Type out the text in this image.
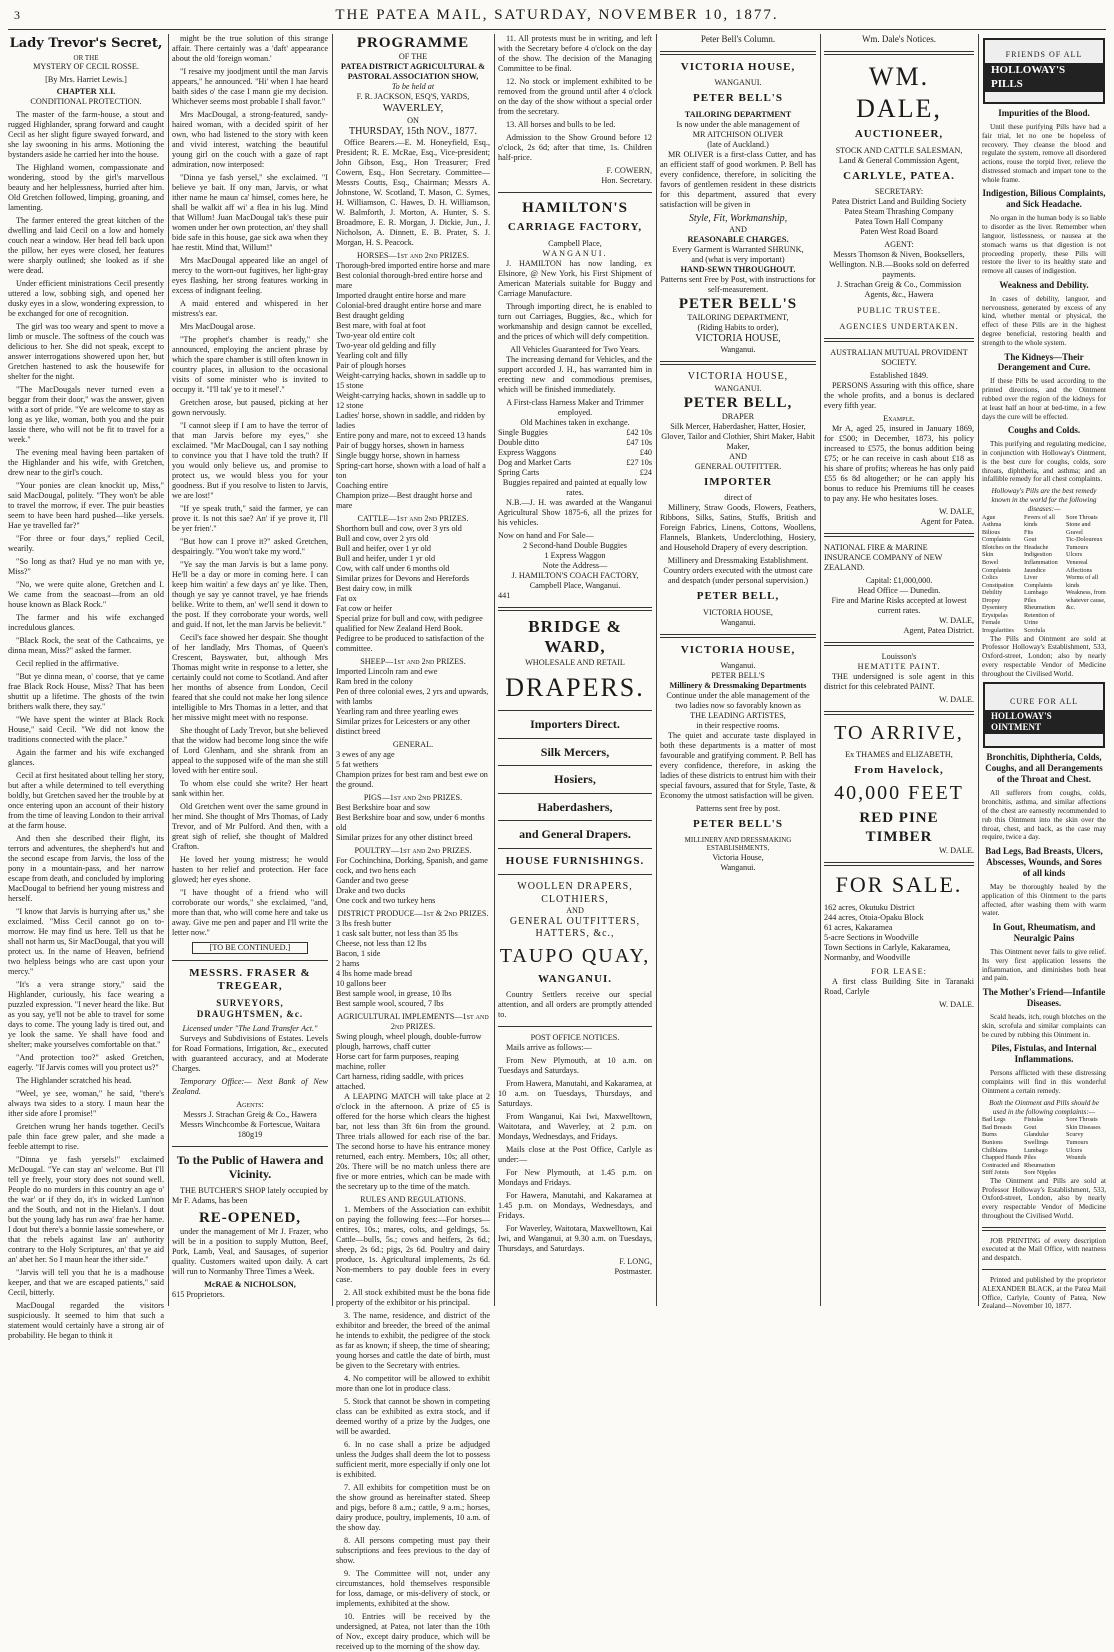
3	THE PATEA MAIL, SATURDAY, NOVEMBER 10, 1877.
Lady Trevor's Secret,
OR THE
MYSTERY OF CECIL ROSSE.
[By Mrs. Harriet Lewis.]
CHAPTER XLI.
CONDITIONAL PROTECTION.

The master of the farm-house, a stout and rugged Highlander, sprang forward and caught Cecil as her slight figure swayed forward, and she lay swooning in his arms. Motioning the bystanders aside he carried her into the house.

The Highland women, compassionate and wondering, stood by the girl's marvellous beauty and her helplessness, hurried after him. Old Gretchen followed, limping, groaning, and lamenting.

The farmer entered the great kitchen of the dwelling and laid Cecil on a low and homely couch near a window. Her head fell back upon the pillow, her eyes were closed, her features were sharply outlined; she looked as if she were dead.

Under efficient ministrations Cecil presently uttered a low, sobbing sigh, and opened her dusky eyes in a slow, wondering expression, to be exchanged for one of recognition.

The girl was too weary and spent to move a limb or muscle. The softness of the couch was delicious to her. She did not speak, except to answer interrogations showered upon her, but Gretchen hastened to ask the housewife for shelter for the night.

"The MacDougals never turned even a beggar from their door," was the answer, given with a sort of pride. "Ye are welcome to stay as long as ye like, woman, both you and the puir lassie there, who will not be fit to travel for a week."

The evening meal having been partaken of the Highlander and his wife, with Gretchen, drew near to the girl's couch.

"Your ponies are clean knockit up, Miss," said MacDougal, politely. "They won't be able to travel the morrow, if ever. The puir beasties seem to have been hard pushed—like yersels. Hae ye travelled far?"

"For three or four days," replied Cecil, wearily.

"So long as that? Hud ye no man with ye, Miss?"

"No, we were quite alone, Gretchen and I. We came from the seacoast—from an old house known as Black Rock."

The farmer and his wife exchanged incredulous glances.

"Black Rock, the seat of the Cathcairns, ye dinna mean, Miss?" asked the farmer.

Cecil replied in the affirmative.

"But ye dinna mean, o' coorse, that ye came frae Black Rock House, Miss? That has been shuttit up a lifetime. The ghosts of the twin brithers walk there, they say."

"We have spent the winter at Black Rock House," said Cecil. "We did not know the traditions connected with the place."

Again the farmer and his wife exchanged glances.

Cecil at first hesitated about telling her story, but after a while determined to tell everything boldly, but Gretchen saved her the trouble by at once entering upon an account of their history from the time of leaving London to their arrival at the farm house.

And then she described their flight, its terrors and adventures, the shepherd's hut and the second escape from Jarvis, the loss of the pony in a mountain-pass, and her narrow escape from death, and concluded by imploring MacDougal to befriend her young mistress and herself.

"I know that Jarvis is hurrying after us," she exclaimed. "Miss Cecil cannot go on to-morrow. He may find us here. Tell us that he shall not harm us, Sir MacDougal, that you will protect us. In the name of Heaven, befriend two helpless beings who are cast upon your mercy."

"It's a vera strange story," said the Highlander, curiously, his face wearing a puzzled expression. "I never heard the like. But as you say, ye'll not be able to travel for some days to come. The young lady is tired out, and ye look the same. Ye shall have food and shelter; make yourselves comfortable on that."

"And protection too?" asked Gretchen, eagerly. "If Jarvis comes will you protect us?"

The Highlander scratched his head.

"Weel, ye see, woman," he said, "there's always twa sides to a story. I maun hear the ither side afore I promise!"

Gretchen wrung her hands together. Cecil's pale thin face grew paler, and she made a feeble attempt to rise.

"Dinna ye fash yersels!" exclaimed McDougal. "Ye can stay an' welcome. But I'll tell ye freely, your story does not sound well. People do no murders in this country an age o' the war' or if they do, it's in wicked Lun'non and the South, and not in the Hielan's. I dout but the young lady has run awa' frae her hame. I dout but there's a bonnie lassie somewhere, or that the rebels against law an' authority contrary to the Holy Scriptures, an' that ye aid an' abet her. So I maun hear the ither side."

"Jarvis will tell you that he is a madhouse keeper, and that we are escaped patients," said Cecil, bitterly.

MacDougal regarded the visitors suspiciously. It seemed to him that such a statement would certainly have a strong air of probability. He began to think it

might be the true solution of this strange affair. There certainly was a 'daft' appearance about the old 'foreign woman.'

"I resaive my joodjment until the man Jarvis appears," he announced. "Hi' when I hae heard baith sides o' the case I mann gie my decision. Whichever seems most probable I shall favor."

Mrs MacDougal, a strong-featured, sandy-haired woman, with a decided spirit of her own, who had listened to the story with keen and vivid interest, watching the beautiful young girl on the couch with a gaze of rapt admiration, now interposed:

"Dinna ye fash yersel," she exclaimed. "I believe ye bait. If ony man, Jarvis, or what ither name he maun ca' himsel, comes here, he shall be walkit aff wi' a flea in his lug. Mind that Willum! Juan MacDougal tak's these puir women under her own protection, an' they shall bide safe in this house, gae sick awa when they hae restit. Mind that, Willum!"

Mrs MacDougal appeared like an angel of mercy to the worn-out fugitives, her light-gray eyes flashing, her strong features working in excess of indignant feeling.

A maid entered and whispered in her mistress's ear.

Mrs MacDougal arose.

"The prophet's chamber is ready," she announced, employing the ancient phrase by which the spare chamber is still often known in country places, in allusion to the occasional visits of some minister who is invited to occupy it. "I'll tak' ye to it mesel'."

Gretchen arose, but paused, picking at her gown nervously.

"I cannot sleep if I am to have the terror of that man Jarvis before my eyes," she exclaimed. "Mr MacDougal, can I say nothing to convince you that I have told the truth? If you would only believe us, and promise to protect us, we would bless you for your goodness. But if you resolve to listen to Jarvis, we are lost!"

"If ye speak truth," said the farmer, ye can prove it. Is not this sae? An' if ye prove it, I'll be yer frien'."

"But how can I prove it?" asked Gretchen, despairingly. "You won't take my word."

"Ye say the man Jarvis is but a lame pony. He'll be a day or more in coming here. I can keep him waitin' a few days an' ye like. Then, though ye say ye cannot travel, ye hae friends belike. Write to them, an' we'll send it down to the post. If they corroborate your words, well and guid. If not, let the man Jarvis be believit."

Cecil's face showed her despair. She thought of her landlady, Mrs Thomas, of Queen's Crescent, Bayswater, but, although Mrs Thomas might write in response to a letter, she certainly could not come to Scotland. And after her months of absence from London, Cecil feared that she could not make her long silence intelligible to Mrs Thomas in a letter, and that her missive might meet with no response.

She thought of Lady Trevor, but she believed that the widow had become long since the wife of Lord Glenham, and she shrank from an appeal to the supposed wife of the man she still loved with her entire soul.

To whom else could she write? Her heart sank within her.

Old Gretchen went over the same ground in her mind. She thought of Mrs Thomas, of Lady Trevor, and of Mr Pulford. And then, with a great sigh of relief, she thought of Maldred Crafton.

He loved her young mistress; he would hasten to her relief and protection. Her face glowed; her eyes shone.

"I have thought of a friend who will corroborate our words," she exclaimed, "and, more than that, who will come here and take us away. Give me pen and paper and I'll write the letter now."

[TO BE CONTINUED.]
MESSRS. FRASER & TREGEAR,
SURVEYORS, DRAUGHTSMEN, &c.
Licensed under "The Land Transfer Act."

Surveys and Subdivisions of Estates. Levels for Road Formations, Irrigation, &c., executed with guaranteed accuracy, and at Moderate Charges.

Temporary Office:— Next Bank of New Zealand.

Agents:
Messrs J. Strachan Greig & Co., Hawera Messrs Winchcombe & Fortescue, Waitara 180g19
To the Public of Hawera and Vicinity.

THE BUTCHER'S SHOP lately occupied by Mr F. Adams, has been

RE-OPENED,

under the management of Mr J. Frazer, who will be in a position to supply Mutton, Beef, Pork, Lamb, Veal, and Sausages, of superior quality. Customers waited upon daily. A cart will run to Normanby Three Times a Week.

McRAE & NICHOLSON,
615 Proprietors.
PROGRAMME
OF THE
PATEA DISTRICT AGRICULTURAL & PASTORAL ASSOCIATION SHOW,
To be held at
F. R. JACKSON, ESQ'S, YARDS,
WAVERLEY,
ON
THURSDAY, 15th NOV., 1877.

Office Bearers.—E. M. Honeyfield, Esq., President; R. E. McRae, Esq., Vice-president; John Gibson, Esq., Hon Treasurer; Fred Cowern, Esq., Hon Secretary. Committee—Messrs Coutts, Esq., Chairman; Messrs A. Johnstone, W. Scotland, T. Mason, C. Symes, H. Williamson, C. Hawes, D. H. Williamson, W. Balmforth, J. Morton, A. Hunter, S. S. Broadmore, E. R. Morgan, J. Dickie, Jun., J. Nicholson, A. Dinnett, E. B. Prater, S. J. Morgan, H. S. Peacock.

HORSES—1st and 2nd PRIZES.
Thorough-bred imported entire horse and mare
Best colonial thorough-bred entire horse and mare
Imported draught entire horse and mare
Colonial-bred draught entire horse and mare
Best draught gelding
Best mare, with foal at foot
Two-year old entire colt
Two-year old gelding and filly
Yearling colt and filly
Pair of plough horses
Weight-carrying hacks, shown in saddle up to 15 stone
Weight-carrying hacks, shown in saddle up to 12 stone
Ladies' horse, shown in saddle, and ridden by ladies
Entire pony and mare, not to exceed 13 hands
Pair of buggy horses, shown in harness
Single buggy horse, shown in harness
Spring-cart horse, shown with a load of half a ton
Coaching entire
Champion prize—Best draught horse and mare
CATTLE—1st and 2nd PRIZES.
Shorthorn bull and cow, over 3 yrs old
Bull and cow, over 2 yrs old
Bull and heifer, over 1 yr old
Bull and heifer, under 1 yr old
Cow, with calf under 6 months old
Similar prizes for Devons and Herefords
Best dairy cow, in milk
Fat ox
Fat cow or heifer
Special prize for bull and cow, with pedigree qualified for New Zealand Herd Book. Pedigree to be produced to satisfaction of the committee.
SHEEP—1st and 2nd PRIZES.
Imported Lincoln ram and ewe
Ram bred in the colony
Pen of three colonial ewes, 2 yrs and upwards, with lambs
Yearling ram and three yearling ewes
Similar prizes for Leicesters or any other distinct breed
GENERAL.
3 ewes of any age
5 fat wethers
Champion prizes for best ram and best ewe on the ground.
PIGS—1st and 2nd PRIZES.
Best Berkshire boar and sow
Best Berkshire boar and sow, under 6 months old
Similar prizes for any other distinct breed
POULTRY—1st and 2nd PRIZES.
For Cochinchina, Dorking, Spanish, and game cock, and two hens each
Gander and two geese
Drake and two ducks
One cock and two turkey hens
DISTRICT PRODUCE—1st & 2nd PRIZES.
3 lbs fresh butter
1 cask salt butter, not less than 35 lbs
Cheese, not less than 12 lbs
Bacon, 1 side
2 hams
4 lbs home made bread
10 gallons beer
Best sample wool, in grease, 10 lbs
Best sample wool, scoured, 7 lbs
AGRICULTURAL IMPLEMENTS—1st and 2nd PRIZES.
Swing plough, wheel plough, double-furrow plough, harrows, chaff cutter
Horse cart for farm purposes, reaping machine, roller
Cart harness, riding saddle, with prices attached.

A LEAPING MATCH will take place at 2 o'clock in the afternoon. A prize of £5 is offered for the horse which clears the highest bar, not less than 3ft 6in from the ground. Three trials allowed for each rise of the bar. The second horse to have his entrance money returned, each entry. Members, 10s; all other, 20s. There will be no match unless there are five or more entries, which can be made with the secretary up to the time of the match.

RULES AND REGULATIONS.

1. Members of the Association can exhibit on paying the following fees:—For horses—entires, 10s.; mares, colts, and geldings, 5s. Cattle—bulls, 5s.; cows and heifers, 2s 6d.; sheep, 2s 6d.; pigs, 2s 6d. Poultry and dairy produce, 1s. Agricultural implements, 2s 6d. Non-members to pay double fees in every case.

2. All stock exhibited must be the bona fide property of the exhibitor or his principal.

3. The name, residence, and district of the exhibitor and breeder, the breed of the animal he intends to exhibit, the pedigree of the stock as far as known; if sheep, the time of shearing; young horses and cattle the date of birth, must be given to the Secretary with entries.

4. No competitor will be allowed to exhibit more than one lot in produce class.

5. Stock that cannot be shown in competing class can be exhibited as extra stock, and if deemed worthy of a prize by the Judges, one will be awarded.

6. In no case shall a prize be adjudged unless the Judges shall deem the lot to possess sufficient merit, more especially if only one lot is exhibited.

7. All exhibits for competition must be on the show ground as hereinafter stated. Sheep and pigs, before 8 a.m.; cattle, 9 a.m.; horses, dairy produce, poultry, implements, 10 a.m. of the show day.

8. All persons competing must pay their subscriptions and fees previous to the day of show.

9. The Committee will not, under any circumstances, hold themselves responsible for loss, damage, or mis-delivery of stock, or implements, exhibited at the show.

10. Entries will be received by the undersigned, at Patea, not later than the 10th of Nov., except dairy produce, which will be received up to the morning of the show day.

11. All protests must be in writing, and left with the Secretary before 4 o'clock on the day of the show. The decision of the Managing Committee to be final.

12. No stock or implement exhibited to be removed from the ground until after 4 o'clock on the day of the show without a special order from the secretary.

13. All horses and bulls to be led.

Admission to the Show Ground before 12 o'clock, 2s 6d; after that time, 1s. Children half-price.

F. COWERN,
Hon. Secretary.
HAMILTON'S
CARRIAGE FACTORY,
Campbell Place,
WANGANUI.

J. HAMILTON has now landing, ex Elsinore, @ New York, his First Shipment of American Materials suitable for Buggy and Carriage Manufacture.

Through importing direct, he is enabled to turn out Carriages, Buggies, &c., which for workmanship and design cannot be excelled, and the prices of which will defy competition.

All Vehicles Guaranteed for Two Years.

The increasing demand for Vehicles, and the support accorded J. H., has warranted him in erecting new and commodious premises, which will be finished immediately.

A First-class Harness Maker and Trimmer employed.
Old Machines taken in exchange.
Single Buggies	£42 10s
Double ditto	£47 10s
Express Waggons	£40
Dog and Market Carts	£27 10s
Spring Carts	£24
Buggies repaired and painted at equally low rates.

N.B.—J. H. was awarded at the Wanganui Agricultural Show 1875-6, all the prizes for his vehicles.

Now on hand and For Sale—
2 Second-hand Double Buggies
1 Express Waggon
Note the Address—
J. HAMILTON'S COACH FACTORY,
Campbell Place, Wanganui.
441
BRIDGE & WARD,
WHOLESALE AND RETAIL
DRAPERS.
Importers Direct.
Silk Mercers,
Hosiers,
Haberdashers,
and General Drapers.
HOUSE FURNISHINGS.
WOOLLEN DRAPERS,
CLOTHIERS,
AND
GENERAL OUTFITTERS,
HATTERS, &c.,
TAUPO QUAY,
WANGANUI.

Country Settlers receive our special attention, and all orders are promptly attended to.

POST OFFICE NOTICES.

Mails arrive as follows:—

From New Plymouth, at 10 a.m. on Tuesdays and Saturdays.

From Hawera, Manutahi, and Kakaramea, at 10 a.m. on Tuesdays, Thursdays, and Saturdays.

From Wanganui, Kai Iwi, Maxwelltown, Waitotara, and Waverley, at 2 p.m. on Mondays, Wednesdays, and Fridays.

Mails close at the Post Office, Carlyle as under:—

For New Plymouth, at 1.45 p.m. on Mondays and Fridays.

For Hawera, Manutahi, and Kakaramea at 1.45 p.m. on Mondays, Wednesdays, and Fridays.

For Waverley, Waitotara, Maxwelltown, Kai Iwi, and Wanganui, at 9.30 a.m. on Tuesdays, Thursdays, and Saturdays.

F. LONG,
Postmaster.
Peter Bell's Column.
VICTORIA HOUSE,
WANGANUI.
PETER BELL'S
TAILORING DEPARTMENT
Is now under the able management of
MR AITCHISON OLIVER
(late of Auckland.)

MR OLIVER is a first-class Cutter, and has an efficient staff of good workmen. P. Bell has every confidence, therefore, in soliciting the favors of gentlemen resident in these districts for this department, assured that every satisfaction will be given in

Style, Fit, Workmanship,
AND
REASONABLE CHARGES.
Every Garment is Warranted SHRUNK,
and (what is very important)
HAND-SEWN THROUGHOUT.
Patterns sent Free by Post, with instructions for self-measurement.
PETER BELL'S
TAILORING DEPARTMENT,
(Riding Habits to order),
VICTORIA HOUSE,
Wanganui.
VICTORIA HOUSE,
WANGANUI.
PETER BELL,
DRAPER
Silk Mercer, Haberdasher, Hatter, Hosier, Glover, Tailor and Clothier, Shirt Maker, Habit Maker,
AND
GENERAL OUTFITTER.
IMPORTER
direct of

Millinery, Straw Goods, Flowers, Feathers, Ribbons, Silks, Satins, Stuffs, British and Foreign Fabrics, Linens, Cottons, Woollens, Flannels, Blankets, Underclothing, Hosiery, and Household Drapery of every description.

Millinery and Dressmaking Establishment.
Country orders executed with the utmost care and despatch (under personal supervision.)
PETER BELL,
VICTORIA HOUSE,
Wanganui.
VICTORIA HOUSE,
Wanganui.
PETER BELL'S
Millinery & Dressmaking Departments
Continue under the able management of the two ladies now so favorably known as
THE LEADING ARTISTES,
in their respective rooms.

The quiet and accurate taste displayed in both these departments is a matter of most favourable and gratifying comment. P. Bell has every confidence, therefore, in asking the ladies of these districts to entrust him with their special favours, assured that for Style, Taste, & Economy the utmost satisfaction will be given.

Patterns sent free by post.
PETER BELL'S
MILLINERY AND DRESSMAKING ESTABLISHMENTS,
Victoria House,
Wanganui.
Wm. Dale's Notices.
WM. DALE,
AUCTIONEER,
STOCK AND CATTLE SALESMAN,
Land & General Commission Agent,
CARLYLE, PATEA.
SECRETARY:
Patea District Land and Building Society
Patea Steam Thrashing Company
Patea Town Hall Company
Paten West Road Board
AGENT:
Messrs Thomson & Niven, Booksellers, Wellington. N.B.—Books sold on deferred payments.
J. Strachan Greig & Co., Commission Agents, &c., Hawera
PUBLIC TRUSTEE.
AGENCIES UNDERTAKEN.
AUSTRALIAN MUTUAL PROVIDENT SOCIETY.
Established 1849.

PERSONS Assuring with this office, share the whole profits, and a bonus is declared every fifth year.

Example.

Mr A, aged 25, insured in January 1869, for £500; in December, 1873, his policy increased to £575, the bonus addition being £75; or he can receive in cash about £18 as his share of profits; whereas he has only paid £55 6s 8d altogether; or he can apply his bonus to reduce his Premiums till he ceases to pay any. He who hesitates loses.

W. DALE,
Agent for Patea.
NATIONAL FIRE & MARINE INSURANCE COMPANY of NEW ZEALAND.
Capital: £1,000,000.
Head Office — Dunedin.
Fire and Marine Risks accepted at lowest current rates.
W. DALE,
Agent, Patea District.
Louisson's
HEMATITE PAINT.

THE undersigned is sole agent in this district for this celebrated PAINT.

W. DALE.
TO ARRIVE,
Ex THAMES and ELIZABETH,
From Havelock,
40,000 FEET
RED PINE TIMBER
W. DALE.
FOR SALE.
162 acres, Okutuku District
244 acres, Otoia-Opaku Block
61 acres, Kakaramea
5-acre Sections in Woodville
Town Sections in Carlyle, Kakaramea, Normanby, and Woodville
FOR LEASE:

A first class Building Site in Taranaki Road, Carlyle

W. DALE.
FRIENDS OF ALL
HOLLOWAY'S PILLS
Impurities of the Blood.

Until these purifying Pills have had a fair trial, let no one be hopeless of recovery. They cleanse the blood and regulate the system, remove all disordered actions, rouse the torpid liver, relieve the distressed stomach and impart tone to the whole frame.

Indigestion, Bilious Complaints, and Sick Headache.

No organ in the human body is so liable to disorder as the liver. Remember when languor, listlessness, or nausea at the stomach warns us that digestion is not proceeding properly, these Pills will restore the liver to its healthy state and remove all causes of indigestion.

Weakness and Debility.

In cases of debility, languor, and nervousness, generated by excess of any kind, whether mental or physical, the effect of these Pills are in the highest degree beneficial, restoring health and strength to the whole system.

The Kidneys—Their Derangement and Cure.

If these Pills be used according to the printed directions, and the Ointment rubbed over the region of the kidneys for at least half an hour at bed-time, in a few days the cure will be effected.

Coughs and Colds.

This purifying and regulating medicine, in conjunction with Holloway's Ointment, is the best cure for coughs, colds, sore throats, diphtheria, and asthma; and an infallible remedy for all chest complaints.

Holloway's Pills are the best remedy known in the world for the following diseases:—
Ague
Asthma
Bilious Complaints
Blotches on the Skin
Bowel Complaints
Colics
Constipation
Debility
Dropsy
Dysentery
Erysipelas
Female Irregularities
Fevers of all kinds
Fits
Gout
Headache
Indigestion
Inflammation
Jaundice
Liver Complaints
Lumbago
Piles
Rheumatism
Retention of Urine
Scrofula
Sore Throats
Stone and Gravel
Tic-Doloureux
Tumours
Ulcers
Venereal Affections
Worms of all kinds
Weakness, from whatever cause, &c.

The Pills and Ointment are sold at Professor Holloway's Establishment, 533, Oxford-street, London; also by nearly every respectable Vendor of Medicine throughout the Civilised World.

CURE FOR ALL
HOLLOWAY'S OINTMENT
Bronchitis, Diphtheria, Colds, Coughs, and all Derangements of the Throat and Chest.

All sufferers from coughs, colds, bronchitis, asthma, and similar affections of the chest are earnestly recommended to rub this Ointment into the skin over the throat, chest, and back, as the case may require, twice a day.

Bad Legs, Bad Breasts, Ulcers, Abscesses, Wounds, and Sores of all kinds

May be thoroughly healed by the application of this Ointment to the parts affected, after washing them with warm water.

In Gout, Rheumatism, and Neuralgic Pains

This Ointment never fails to give relief. Its very first application lessens the inflammation, and diminishes both heat and pain.

The Mother's Friend—Infantile Diseases.

Scald heads, itch, rough blotches on the skin, scrofula and similar complaints can be cured by rubbing this Ointment in.

Piles, Fistulas, and Internal Inflammations.

Persons afflicted with these distressing complaints will find in this wonderful Ointment a certain remedy.

Both the Ointment and Pills should be used in the following complaints:—
Bad Legs
Bad Breasts
Burns
Bunions
Chilblains
Chapped Hands
Contracted and Stiff Joints
Fistulas
Gout
Glandular Swellings
Lumbago
Piles
Rheumatism
Sore Nipples
Sore Throats
Skin Diseases
Scurvy
Tumours
Ulcers
Wounds

The Ointment and Pills are sold at Professor Holloway's Establishment, 533, Oxford-street, London, also by nearly every respectable Vendor of Medicine throughout the Civilised World.

JOB PRINTING of every description executed at the Mail Office, with neatness and despatch.

Printed and published by the proprietor ALEXANDER BLACK, at the Patea Mail Office, Carlyle, County of Patea, New Zealand—November 10, 1877.
